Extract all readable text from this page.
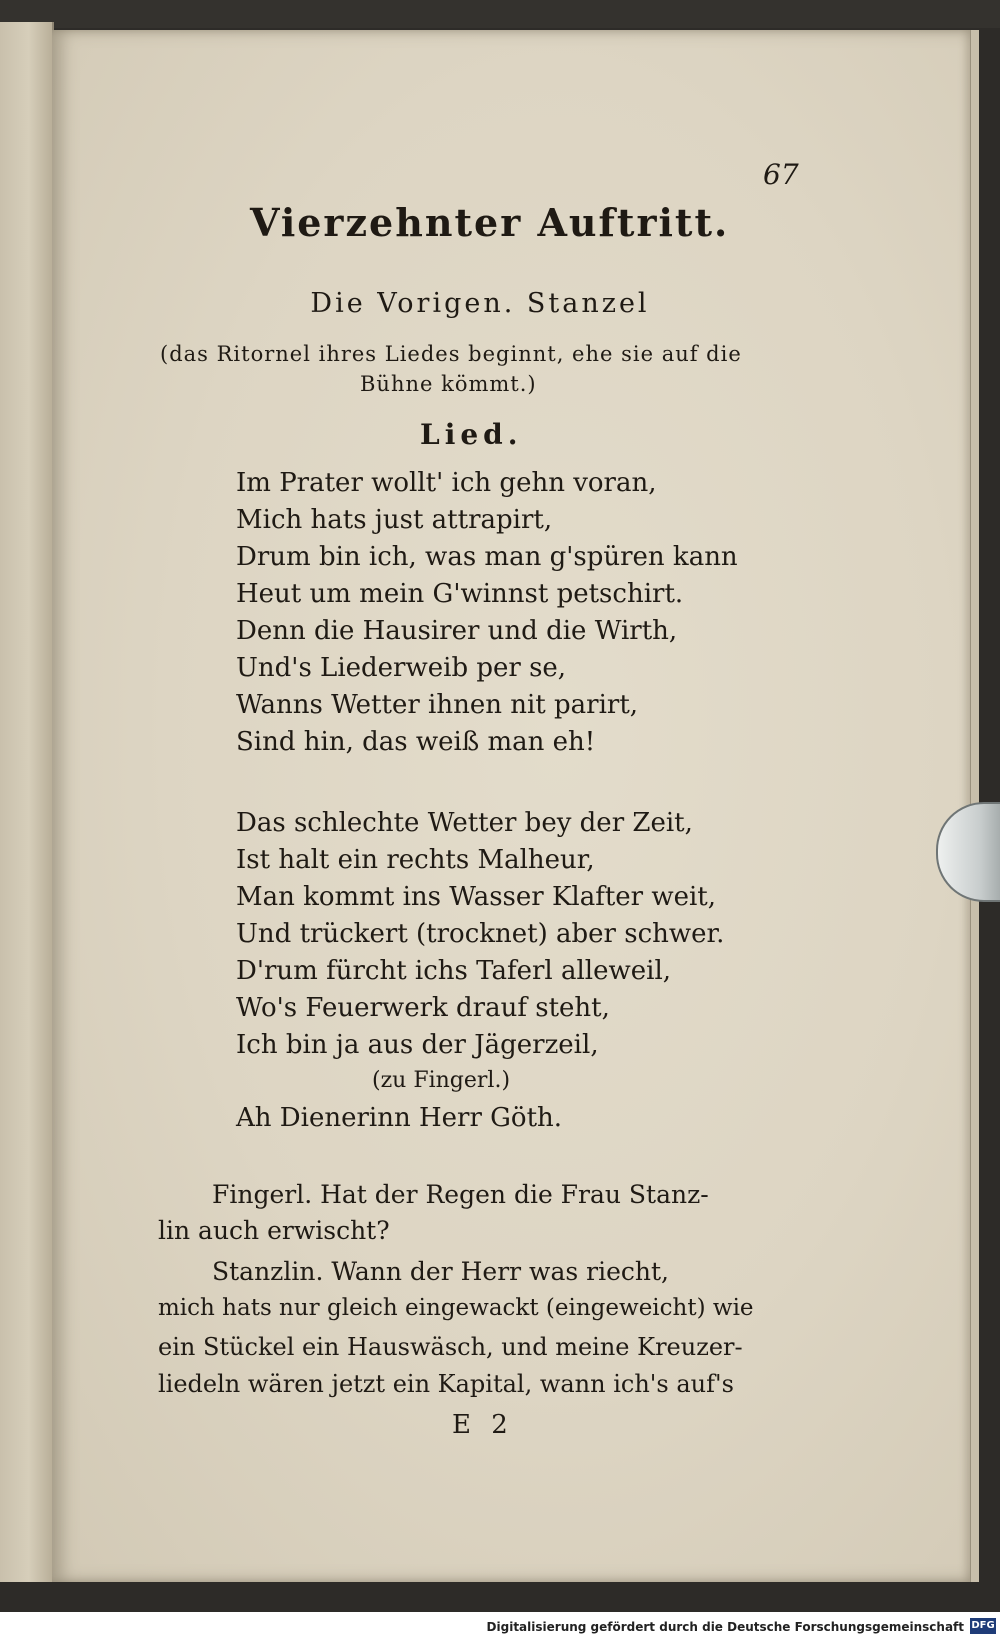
67
Vierzehnter Auftritt.
Die Vorigen. Stanzel
(das Ritornel ihres Liedes beginnt, ehe sie auf die
Bühne kömmt.)
Lied.
Im Prater wollt' ich gehn voran,
Mich hats just attrapirt,
Drum bin ich, was man g'spüren kann
Heut um mein G'winnst petschirt.
Denn die Hausirer und die Wirth,
Und's Liederweib per se,
Wanns Wetter ihnen nit parirt,
Sind hin, das weiß man eh!
Das schlechte Wetter bey der Zeit,
Ist halt ein rechts Malheur,
Man kommt ins Wasser Klafter weit,
Und trückert (trocknet) aber schwer.
D'rum fürcht ichs Taferl alleweil,
Wo's Feuerwerk drauf steht,
Ich bin ja aus der Jägerzeil,
(zu Fingerl.)
Ah Dienerinn Herr Göth.
Fingerl. Hat der Regen die Frau Stanz-
lin auch erwischt?
Stanzlin. Wann der Herr was riecht,
mich hats nur gleich eingewackt (eingeweicht) wie
ein Stückel ein Hauswäsch, und meine Kreuzer-
liedeln wären jetzt ein Kapital, wann ich's auf's
E 2
Digitalisierung gefördert durch die Deutsche Forschungsgemeinschaft DFG
